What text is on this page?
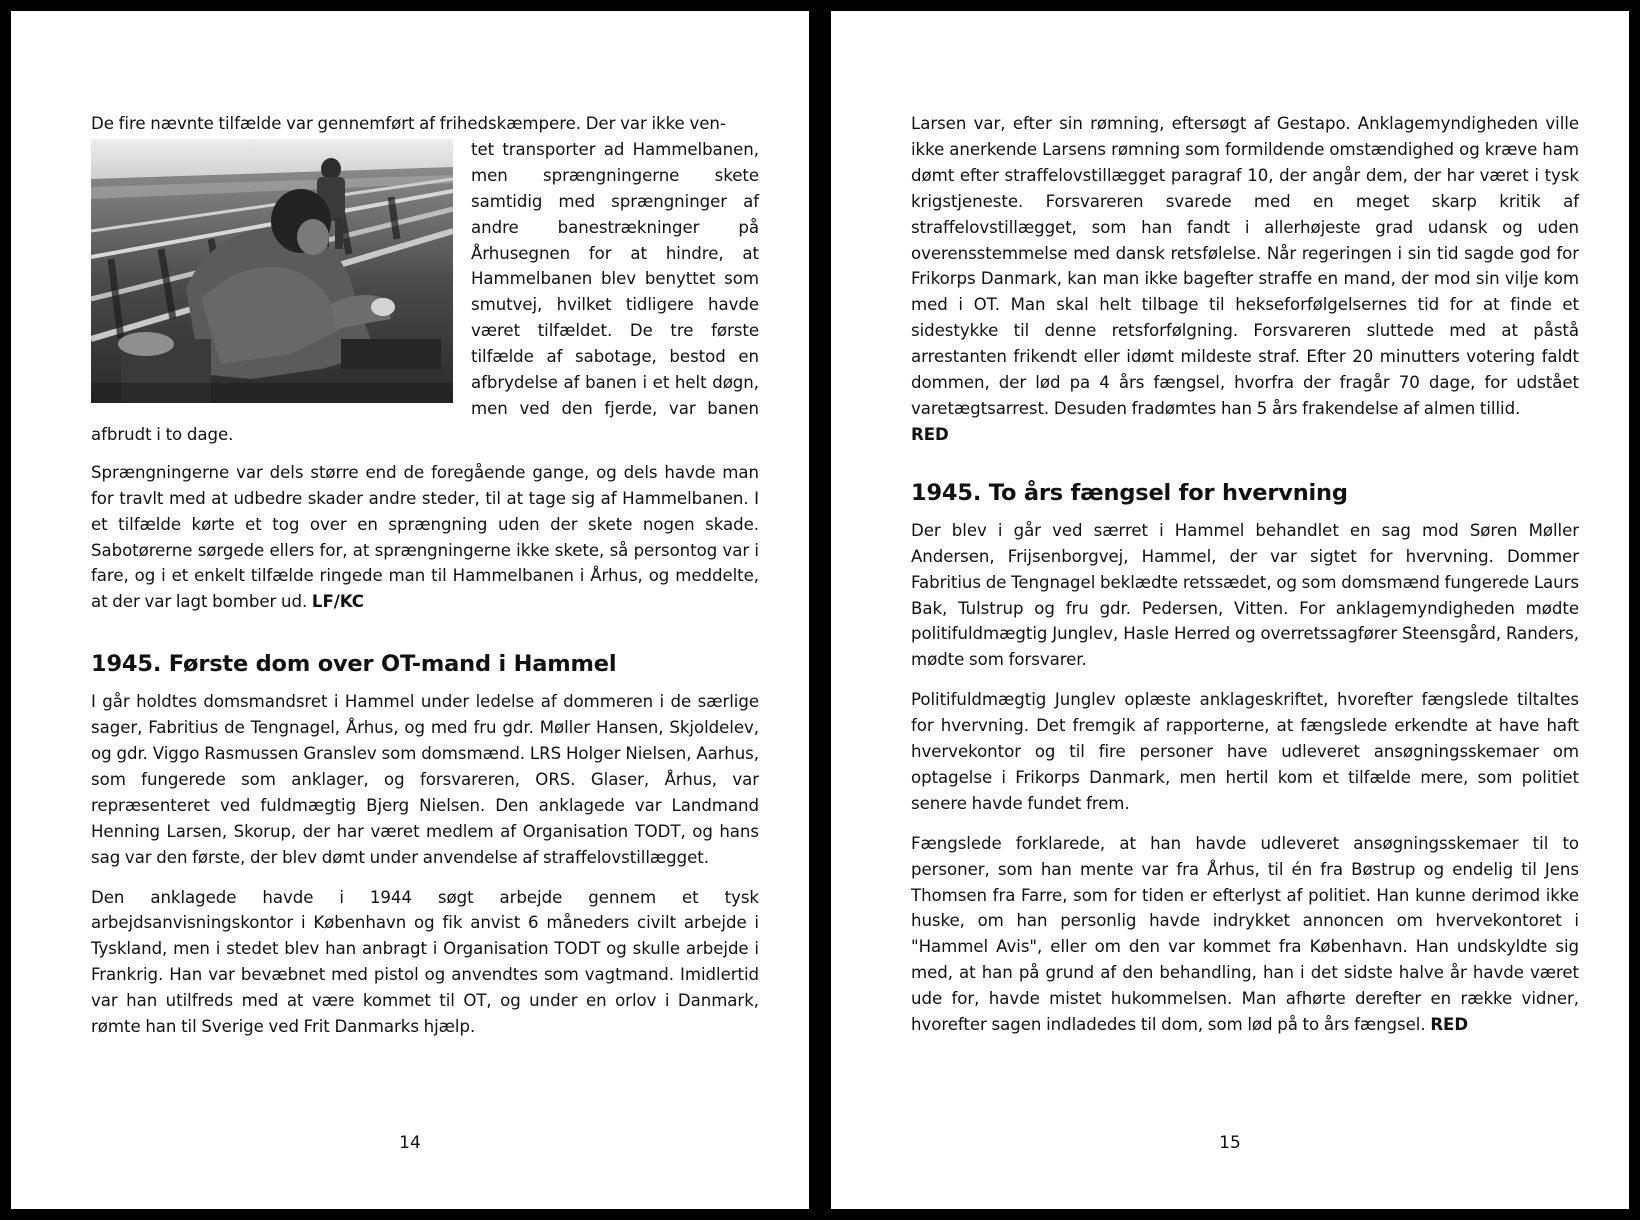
De fire nævnte tilfælde var gennemført af frihedskæmpere. Der var ikke ven-

tet transporter ad Hammelbanen, men sprængningerne skete samtidig med sprængninger af andre banestrækninger på Århusegnen for at hindre, at Hammelbanen blev benyttet som smutvej, hvilket tidligere havde været tilfældet. De tre første tilfælde af sabotage, bestod en afbrydelse af banen i et helt døgn, men ved den fjerde, var banen afbrudt i to dage.

Sprængningerne var dels større end de foregående gange, og dels havde man for travlt med at udbedre skader andre steder, til at tage sig af Hammelbanen. I et tilfælde kørte et tog over en sprængning uden der skete nogen skade. Sabotørerne sørgede ellers for, at sprængningerne ikke skete, så persontog var i fare, og i et enkelt tilfælde ringede man til Hammelbanen i Århus, og meddelte, at der var lagt bomber ud. LF/KC

1945. Første dom over OT-mand i Hammel

I går holdtes domsmandsret i Hammel under ledelse af dommeren i de særlige sager, Fabritius de Tengnagel, Århus, og med fru gdr. Møller Hansen, Skjoldelev, og gdr. Viggo Rasmussen Granslev som domsmænd. LRS Holger Nielsen, Aarhus, som fungerede som anklager, og forsvareren, ORS. Glaser, Århus, var repræsenteret ved fuldmægtig Bjerg Nielsen. Den anklagede var Landmand Henning Larsen, Skorup, der har været medlem af Organisation TODT, og hans sag var den første, der blev dømt under anvendelse af straffelovstillægget.

Den anklagede havde i 1944 søgt arbejde gennem et tysk arbejdsanvisningskontor i København og fik anvist 6 måneders civilt arbejde i Tyskland, men i stedet blev han anbragt i Organisation TODT og skulle arbejde i Frankrig. Han var bevæbnet med pistol og anvendtes som vagtmand. Imidlertid var han utilfreds med at være kommet til OT, og under en orlov i Danmark, rømte han til Sverige ved Frit Danmarks hjælp.

14

Larsen var, efter sin rømning, eftersøgt af Gestapo. Anklagemyndigheden ville ikke anerkende Larsens rømning som formildende omstændighed og kræve ham dømt efter straffelovstillægget paragraf 10, der angår dem, der har været i tysk krigstjeneste. Forsvareren svarede med en meget skarp kritik af straffelovstillægget, som han fandt i allerhøjeste grad udansk og uden overensstemmelse med dansk retsfølelse. Når regeringen i sin tid sagde god for Frikorps Danmark, kan man ikke bagefter straffe en mand, der mod sin vilje kom med i OT. Man skal helt tilbage til hekseforfølgelsernes tid for at finde et sidestykke til denne retsforfølgning. Forsvareren sluttede med at påstå arrestanten frikendt eller idømt mildeste straf. Efter 20 minutters votering faldt dommen, der lød pa 4 års fængsel, hvorfra der fragår 70 dage, for udstået varetægtsarrest. Desuden fradømtes han 5 års frakendelse af almen tillid.
RED

1945. To års fængsel for hvervning

Der blev i går ved særret i Hammel behandlet en sag mod Søren Møller Andersen, Frijsenborgvej, Hammel, der var sigtet for hvervning. Dommer Fabritius de Tengnagel beklædte retssædet, og som domsmænd fungerede Laurs Bak, Tulstrup og fru gdr. Pedersen, Vitten. For anklagemyndigheden mødte politifuldmægtig Junglev, Hasle Herred og overretssagfører Steensgård, Randers, mødte som forsvarer.

Politifuldmægtig Junglev oplæste anklageskriftet, hvorefter fængslede tiltaltes for hvervning. Det fremgik af rapporterne, at fængslede erkendte at have haft hvervekontor og til fire personer have udleveret ansøgningsskemaer om optagelse i Frikorps Danmark, men hertil kom et tilfælde mere, som politiet senere havde fundet frem.

Fængslede forklarede, at han havde udleveret ansøgningsskemaer til to personer, som han mente var fra Århus, til én fra Bøstrup og endelig til Jens Thomsen fra Farre, som for tiden er efterlyst af politiet. Han kunne derimod ikke huske, om han personlig havde indrykket annoncen om hvervekontoret i "Hammel Avis", eller om den var kommet fra København. Han undskyldte sig med, at han på grund af den behandling, han i det sidste halve år havde været ude for, havde mistet hukommelsen. Man afhørte derefter en række vidner, hvorefter sagen indladedes til dom, som lød på to års fængsel. RED

15
